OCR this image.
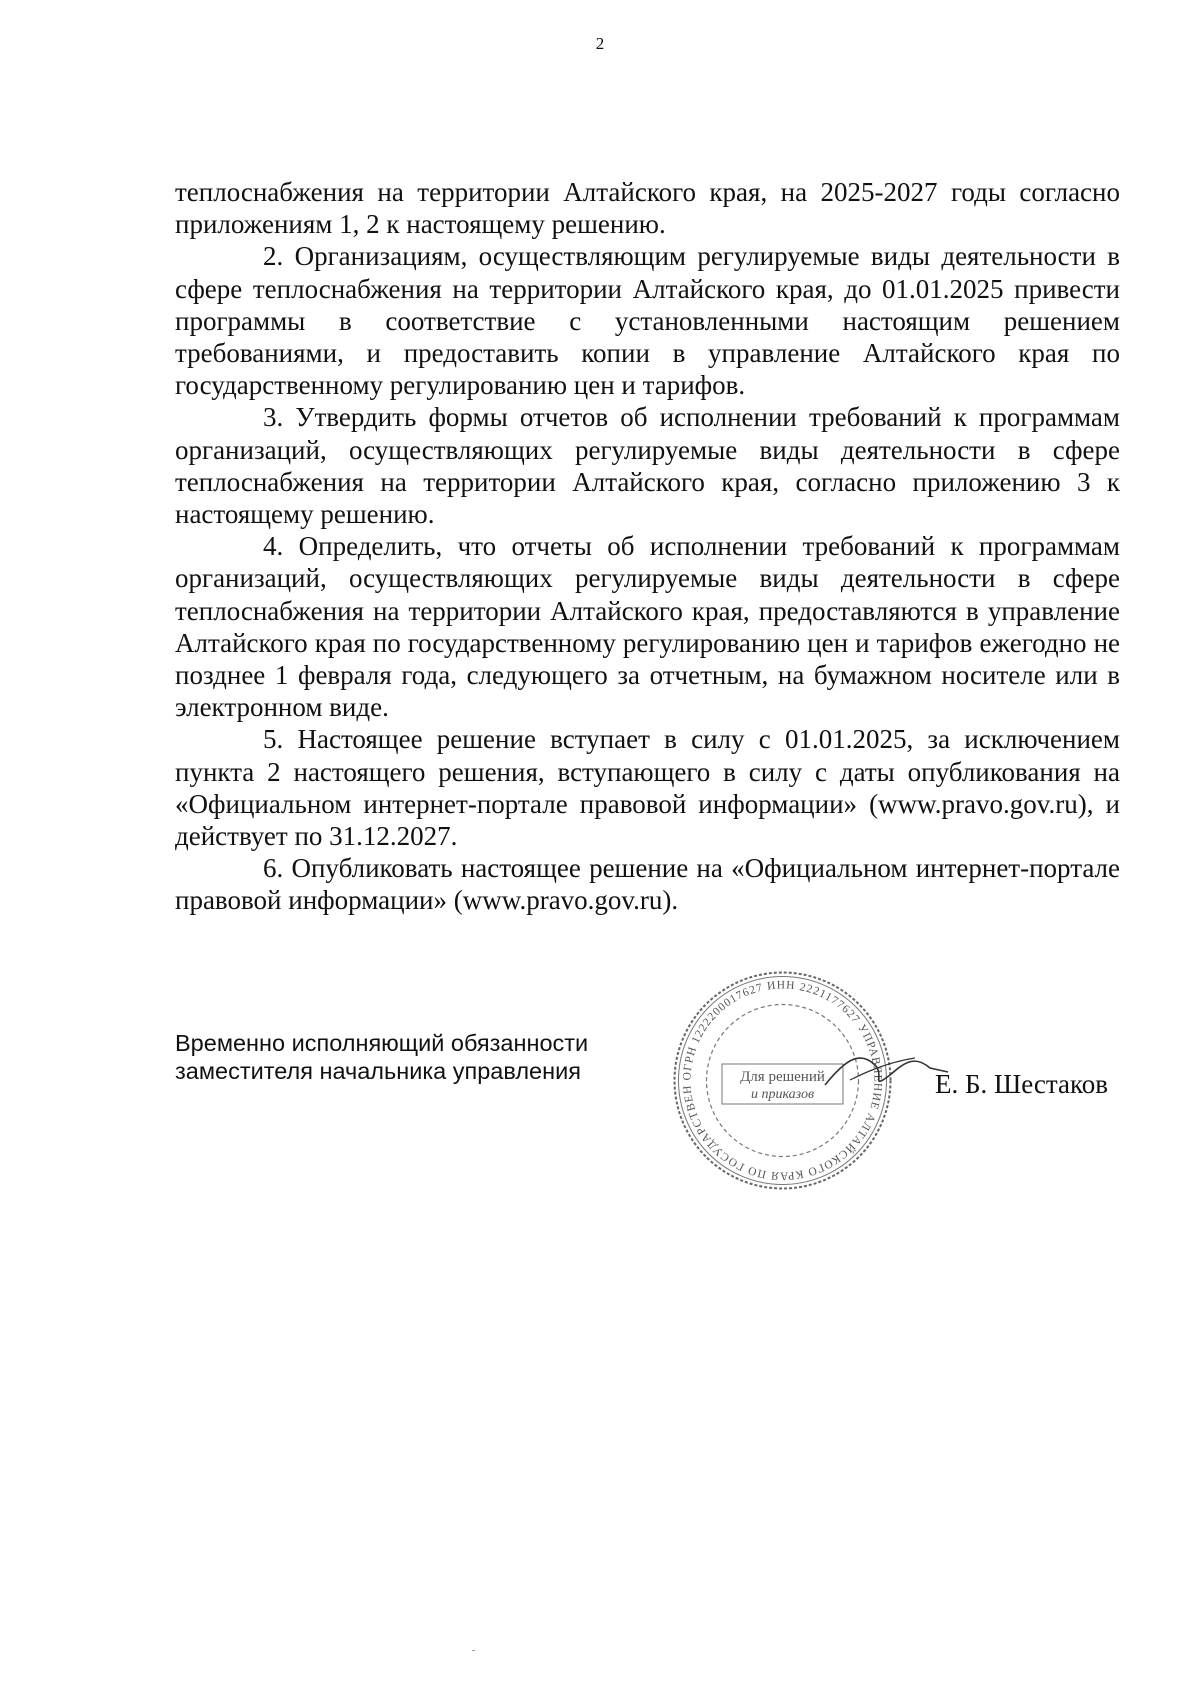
2

теплоснабжения на территории Алтайского края, на 2025-2027 годы согласно приложениям 1, 2 к настоящему решению.

2. Организациям, осуществляющим регулируемые виды деятельности в сфере теплоснабжения на территории Алтайского края, до 01.01.2025 привести программы в соответствие с установленными настоящим решением требованиями, и предоставить копии в управление Алтайского края по государственному регулированию цен и тарифов.

3. Утвердить формы отчетов об исполнении требований к программам организаций, осуществляющих регулируемые виды деятельности в сфере теплоснабжения на территории Алтайского края, согласно приложению 3 к настоящему решению.

4. Определить, что отчеты об исполнении требований к программам организаций, осуществляющих регулируемые виды деятельности в сфере теплоснабжения на территории Алтайского края, предоставляются в управление Алтайского края по государственному регулированию цен и тарифов ежегодно не позднее 1 февраля года, следующего за отчетным, на бумажном носителе или в электронном виде.

5. Настоящее решение вступает в силу с 01.01.2025, за исключением пункта 2 настоящего решения, вступающего в силу с даты опубликования на «Официальном интернет-портале правовой информации» (www.pravo.gov.ru), и действует по 31.12.2027.

6. Опубликовать настоящее решение на «Официальном интернет-портале правовой информации» (www.pravo.gov.ru).

Временно исполняющий обязанности
заместителя начальника управления	ОГРН 1222200017627 ИНН 2221177627 УПРАВЛЕНИЕ АЛТАЙСКОГО КРАЯ ПО ГОСУДАРСТВЕН
Для решений
и приказов	Е. Б. Шестаков
